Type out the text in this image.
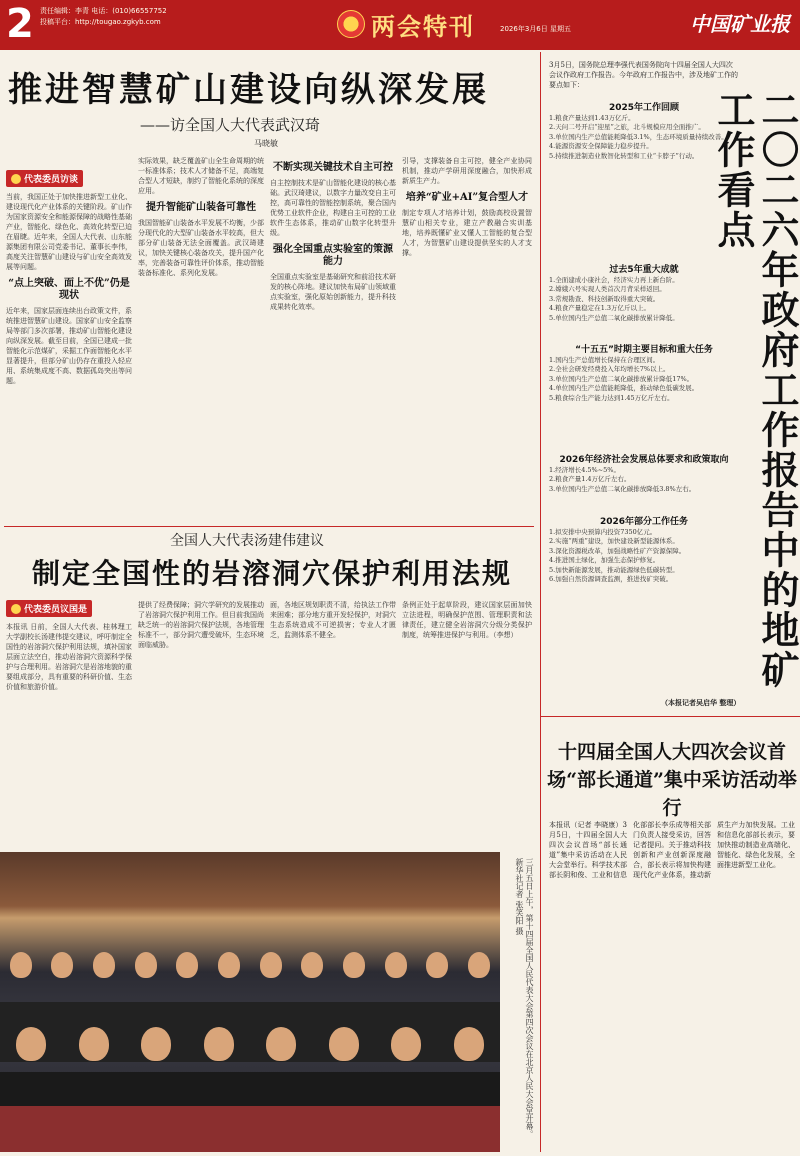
2 责任编辑：李青 电话：(010)66557752
投稿平台：http://tougao.zgkyb.com	两会特刊	2026年3月6日 星期五	中国矿业报
推进智慧矿山建设向纵深发展
——访全国人大代表武汉琦
马晓敏
代表委员访谈
当前，我国正处于加快推进新型工业化、建设现代化产业体系的关键阶段。矿山作为国家资源安全和能源保障的战略性基础产业，智能化、绿色化、高效化转型已迫在眉睫。近年来，全国人大代表、山东能源集团有限公司党委书记、董事长李伟，高度关注智慧矿山建设与矿山安全高效发展等问题。
“点上突破、面上不优”仍是现状
近年来，国家层面连续出台政策文件，系统推进智慧矿山建设。国家矿山安全监察局等部门多次部署，推动矿山智能化建设向纵深发展。截至目前，全国已建成一批智能化示范煤矿，采掘工作面智能化水平显著提升，但部分矿山仍存在重投入轻应用、系统集成度不高、数据孤岛突出等问题。
实际效果，缺乏覆盖矿山全生命周期的统一标准体系；技术人才储备不足，高端复合型人才短缺，制约了智能化系统的深度应用。
提升智能矿山装备可靠性
我国智能矿山装备水平发展不均衡，少部分现代化的大型矿山装备水平较高，但大部分矿山装备无法全面覆盖。武汉琦建议，加快关键核心装备攻关，提升国产化率，完善装备可靠性评价体系，推动智能装备标准化、系列化发展。
不断实现关键技术自主可控
自主控制技术是矿山智能化建设的核心基础。武汉琦建议，以数字力量改变自主可控，高可靠性的智能控制系统，聚合国内优势工业软件企业，构建自主可控的工业软件生态体系，推动矿山数字化转型升级。
强化全国重点实验室的策源能力
全国重点实验室是基础研究和前沿技术研发的核心阵地。建议加快布局矿山领域重点实验室，强化原始创新能力，提升科技成果转化效率。
引导，支撑装备自主可控，健全产业协同机制，推动产学研用深度融合，加快形成新质生产力。
培养“矿业+AI”复合型人才
制定专项人才培养计划，鼓励高校设置智慧矿山相关专业，建立产教融合实训基地，培养既懂矿业又懂人工智能的复合型人才，为智慧矿山建设提供坚实的人才支撑。
全国人大代表汤建伟建议
制定全国性的岩溶洞穴保护利用法规
代表委员议国是
本报讯 日前，全国人大代表、桂林理工大学副校长汤建伟提交建议，呼吁制定全国性的岩溶洞穴保护利用法规，填补国家层面立法空白，推动岩溶洞穴资源科学保护与合理利用。岩溶洞穴是岩溶地貌的重要组成部分，具有重要的科研价值、生态价值和旅游价值。
提供了经费保障；洞穴学研究的发展推动了岩溶洞穴保护利用工作。但目前我国尚缺乏统一的岩溶洞穴保护法规，各地管理标准不一，部分洞穴遭受破坏，生态环境面临威胁。
面，各地区规划职责不清，给执法工作带来困难；部分地方重开发轻保护，对洞穴生态系统造成不可逆损害；专业人才匮乏，监测体系不健全。
条例正处于起草阶段，建议国家层面加快立法进程，明确保护范围、管理职责和法律责任，建立健全岩溶洞穴分级分类保护制度，统筹推进保护与利用。（李想）
三月五日上午，第十四届全国人民代表大会第四次会议在北京人民大会堂开幕。新华社记者 张笑阳 摄
3月5日，国务院总理李强代表国务院向十四届全国人大四次会议作政府工作报告。今年政府工作报告中，涉及地矿工作的要点如下：
二〇二六年政府工作报告中的地矿工作看点
2025年工作回顾
1.粮食产量达到1.43万亿斤。
2.天问二号开启“迎星”之旅，北斗规模应用全面推广。
3.单位国内生产总值能耗降低3.1%，生态环境质量持续改善。
4.能源资源安全保障能力稳步提升。
5.持续推进制造业数智化转型和工业“卡脖子”行动。
过去5年重大成就
1.全面建成小康社会，经济实力再上新台阶。
2.嫦娥六号实现人类首次月背采样返回。
3.常规勘查、科技创新取得重大突破。
4.粮食产量稳定在1.3万亿斤以上。
5.单位国内生产总值二氧化碳排放累计降低。
“十五五”时期主要目标和重大任务
1.国内生产总值增长保持在合理区间。
2.全社会研发经费投入年均增长7%以上。
3.单位国内生产总值二氧化碳排放累计降低17%。
4.单位国内生产总值能耗降低，推动绿色低碳发展。
5.粮食综合生产能力达到1.45万亿斤左右。
2026年经济社会发展总体要求和政策取向
1.经济增长4.5%~5%。
2.粮食产量1.4万亿斤左右。
3.单位国内生产总值二氧化碳排放降低3.8%左右。
2026年部分工作任务
1.拟安排中央预算内投资7350亿元。
2.实施“两重”建设，加快建设新型能源体系。
3.深化资源税改革，加强战略性矿产资源保障。
4.推进国土绿化，加强生态保护修复。
5.加快新能源发展，推动能源绿色低碳转型。
6.加强自然资源调查监测，推进找矿突破。
（本报记者吴启华 整理）
十四届全国人大四次会议首场“部长通道”集中采访活动举行
本报讯（记者 李晓康）3月5日，十四届全国人大四次会议首场“部长通道”集中采访活动在人民大会堂举行。科学技术部部长阴和俊、工业和信息化部部长李乐成等相关部门负责人接受采访，回答记者提问。关于推动科技创新和产业创新深度融合，部长表示将加快构建现代化产业体系，推动新质生产力加快发展。工业和信息化部部长表示，要加快推动制造业高端化、智能化、绿色化发展，全面推进新型工业化。
